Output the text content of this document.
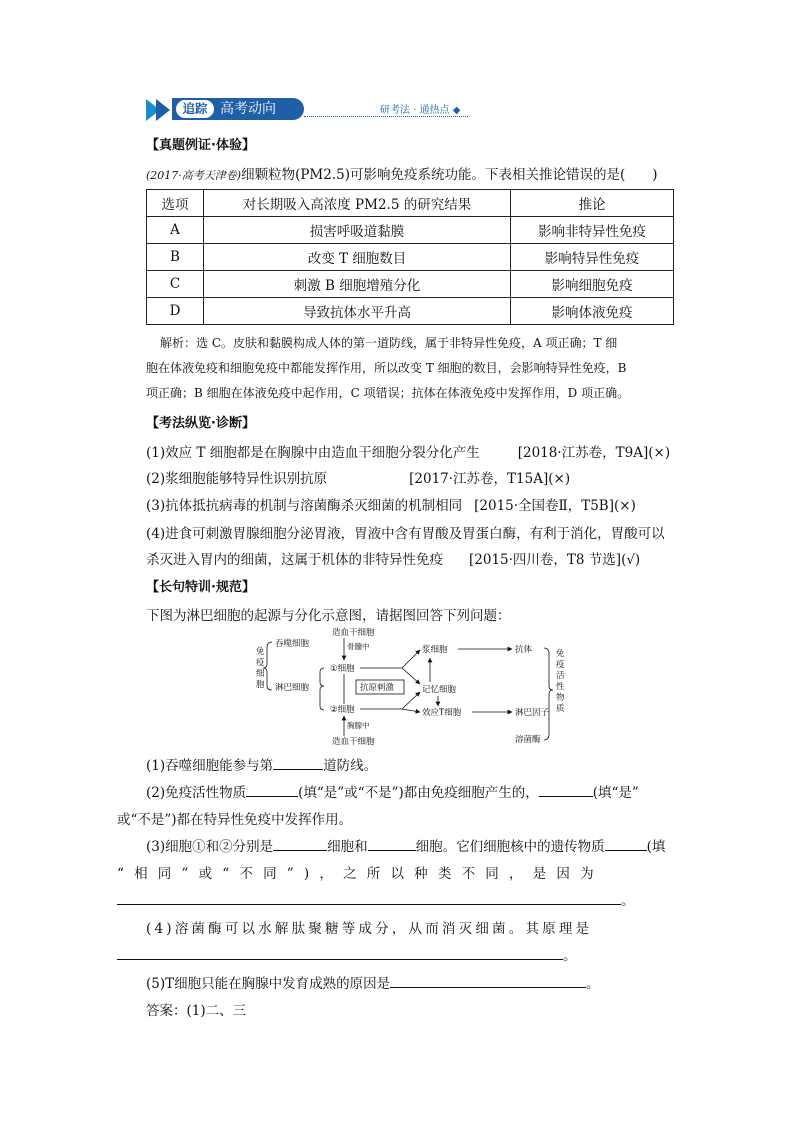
追踪 高考动向	研考法 · 通热点 ◆
【真题例证·体验】
(2017·高考天津卷)细颗粒物(PM2.5)可影响免疫系统功能。下表相关推论错误的是(　　)
选项	对长期吸入高浓度 PM2.5 的研究结果	推论
A	损害呼吸道黏膜	影响非特异性免疫
B	改变 T 细胞数目	影响特异性免疫
C	刺激 B 细胞增殖分化	影响细胞免疫
D	导致抗体水平升高	影响体液免疫
解析：选 C。皮肤和黏膜构成人体的第一道防线，属于非特异性免疫，A 项正确；T 细
胞在体液免疫和细胞免疫中都能发挥作用，所以改变 T 细胞的数目，会影响特异性免疫，B
项正确；B 细胞在体液免疫中起作用，C 项错误；抗体在体液免疫中发挥作用，D 项正确。
【考法纵览·诊断】
(1)效应 T 细胞都是在胸腺中由造血干细胞分裂分化产生	[2018·江苏卷，T9A](×)
(2)浆细胞能够特异性识别抗原	[2017·江苏卷，T15A](×)
(3)抗体抵抗病毒的机制与溶菌酶杀灭细菌的机制相同 [2015·全国卷Ⅱ，T5B](×)
(4)进食可刺激胃腺细胞分泌胃液，胃液中含有胃酸及胃蛋白酶，有利于消化，胃酸可以
杀灭进入胃内的细菌，这属于机体的非特异性免疫 [2015·四川卷，T8 节选](√)
【长句特训·规范】
下图为淋巴细胞的起源与分化示意图，请据图回答下列问题：
免
疫
细
胞
吞噬细胞
淋巴细胞
造血干细胞
骨髓中
①细胞
抗原刺激
②细胞
胸腺中
造血干细胞
浆细胞
记忆细胞
效应T细胞
抗体
淋巴因子
溶菌酶
免
疫
活
性
物
质
(1)吞噬细胞能参与第	道防线。
(2)免疫活性物质	(填“是”或“不是”)都由免疫细胞产生的，	(填“是”
或“不是”)都在特异性免疫中发挥作用。
(3)细胞①和②分别是	细胞和	细胞。它们细胞核中的遗传物质	(填
“相同”或“不同”)，之所以种类不同，是因为
。
(4)溶菌酶可以水解肽聚糖等成分，从而消灭细菌。其原理是
。
(5)T细胞只能在胸腺中发育成熟的原因是	。
答案：(1)二、三
